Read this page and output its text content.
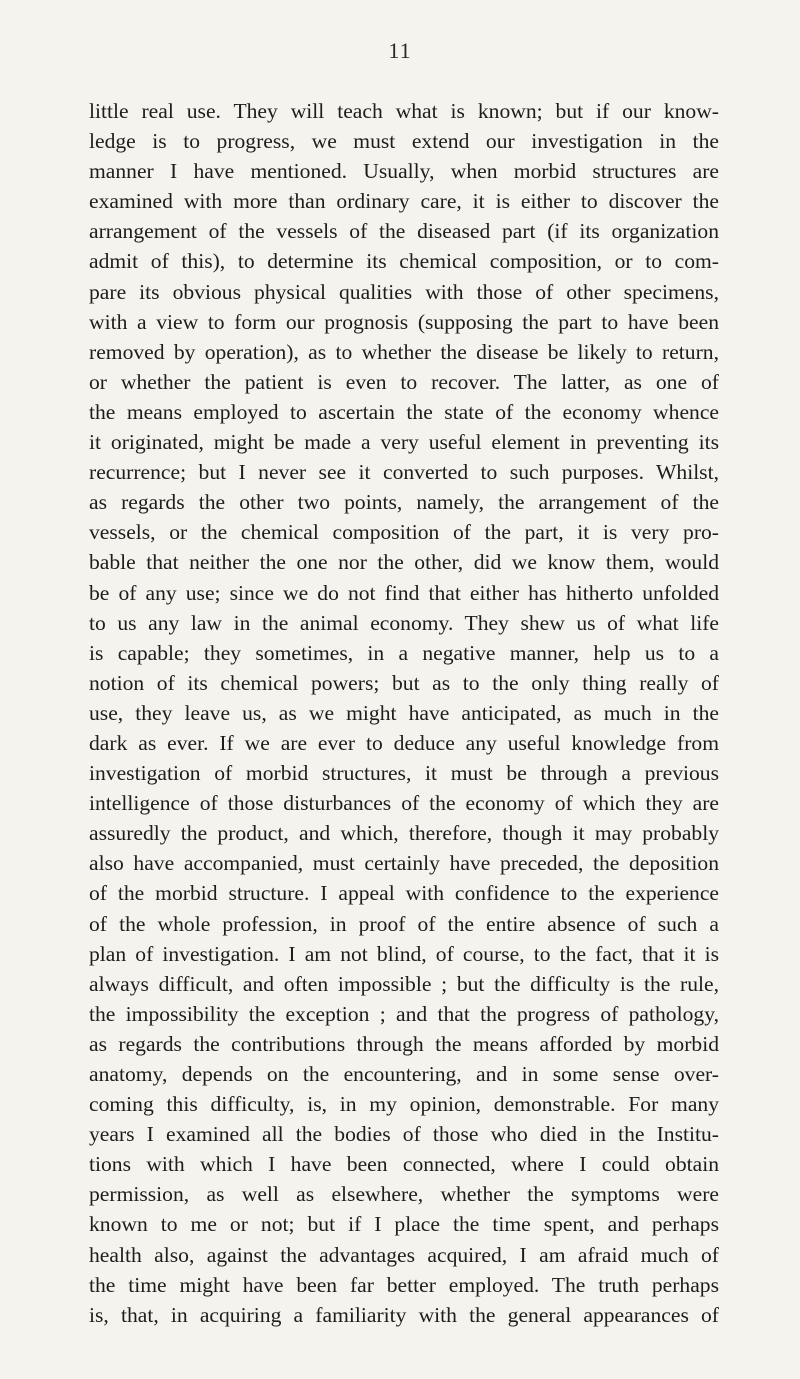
11
little real use. They will teach what is known; but if our know-
ledge is to progress, we must extend our investigation in the
manner I have mentioned. Usually, when morbid structures are
examined with more than ordinary care, it is either to discover the
arrangement of the vessels of the diseased part (if its organization
admit of this), to determine its chemical composition, or to com-
pare its obvious physical qualities with those of other specimens,
with a view to form our prognosis (supposing the part to have been
removed by operation), as to whether the disease be likely to return,
or whether the patient is even to recover. The latter, as one of
the means employed to ascertain the state of the economy whence
it originated, might be made a very useful element in preventing its
recurrence; but I never see it converted to such purposes. Whilst,
as regards the other two points, namely, the arrangement of the
vessels, or the chemical composition of the part, it is very pro-
bable that neither the one nor the other, did we know them, would
be of any use; since we do not find that either has hitherto unfolded
to us any law in the animal economy. They shew us of what life
is capable; they sometimes, in a negative manner, help us to a
notion of its chemical powers; but as to the only thing really of
use, they leave us, as we might have anticipated, as much in the
dark as ever. If we are ever to deduce any useful knowledge from
investigation of morbid structures, it must be through a previous
intelligence of those disturbances of the economy of which they are
assuredly the product, and which, therefore, though it may probably
also have accompanied, must certainly have preceded, the deposition
of the morbid structure. I appeal with confidence to the experience
of the whole profession, in proof of the entire absence of such a
plan of investigation. I am not blind, of course, to the fact, that it is
always difficult, and often impossible ; but the difficulty is the rule,
the impossibility the exception ; and that the progress of pathology,
as regards the contributions through the means afforded by morbid
anatomy, depends on the encountering, and in some sense over-
coming this difficulty, is, in my opinion, demonstrable. For many
years I examined all the bodies of those who died in the Institu-
tions with which I have been connected, where I could obtain
permission, as well as elsewhere, whether the symptoms were
known to me or not; but if I place the time spent, and perhaps
health also, against the advantages acquired, I am afraid much of
the time might have been far better employed. The truth perhaps
is, that, in acquiring a familiarity with the general appearances of
